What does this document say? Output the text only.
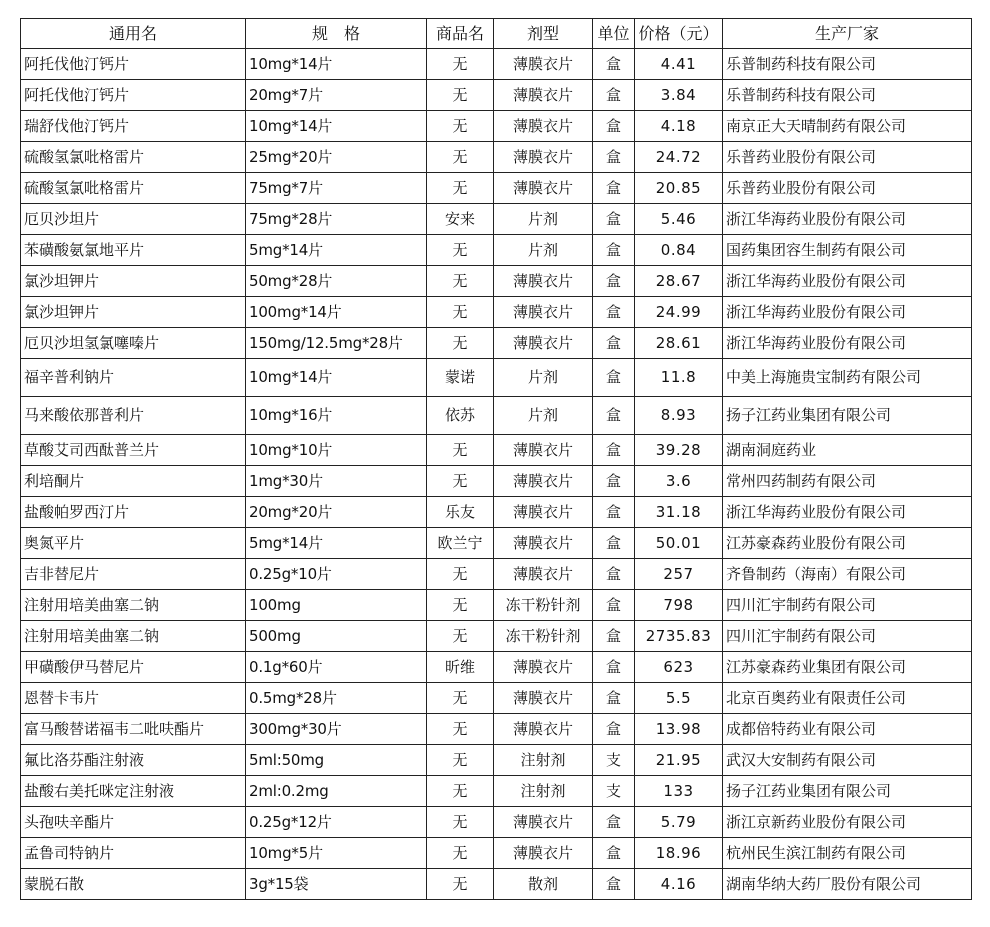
通用名	规　格	商品名	剂型	单位	价格（元）	生产厂家
阿托伐他汀钙片	10mg*14片	无	薄膜衣片	盒	4.41	乐普制药科技有限公司
阿托伐他汀钙片	20mg*7片	无	薄膜衣片	盒	3.84	乐普制药科技有限公司
瑞舒伐他汀钙片	10mg*14片	无	薄膜衣片	盒	4.18	南京正大天晴制药有限公司
硫酸氢氯吡格雷片	25mg*20片	无	薄膜衣片	盒	24.72	乐普药业股份有限公司
硫酸氢氯吡格雷片	75mg*7片	无	薄膜衣片	盒	20.85	乐普药业股份有限公司
厄贝沙坦片	75mg*28片	安来	片剂	盒	5.46	浙江华海药业股份有限公司
苯磺酸氨氯地平片	5mg*14片	无	片剂	盒	0.84	国药集团容生制药有限公司
氯沙坦钾片	50mg*28片	无	薄膜衣片	盒	28.67	浙江华海药业股份有限公司
氯沙坦钾片	100mg*14片	无	薄膜衣片	盒	24.99	浙江华海药业股份有限公司
厄贝沙坦氢氯噻嗪片	150mg/12.5mg*28片	无	薄膜衣片	盒	28.61	浙江华海药业股份有限公司
福辛普利钠片	10mg*14片	蒙诺	片剂	盒	11.8	中美上海施贵宝制药有限公司
马来酸依那普利片	10mg*16片	依苏	片剂	盒	8.93	扬子江药业集团有限公司
草酸艾司西酞普兰片	10mg*10片	无	薄膜衣片	盒	39.28	湖南洞庭药业
利培酮片	1mg*30片	无	薄膜衣片	盒	3.6	常州四药制药有限公司
盐酸帕罗西汀片	20mg*20片	乐友	薄膜衣片	盒	31.18	浙江华海药业股份有限公司
奥氮平片	5mg*14片	欧兰宁	薄膜衣片	盒	50.01	江苏豪森药业股份有限公司
吉非替尼片	0.25g*10片	无	薄膜衣片	盒	257	齐鲁制药（海南）有限公司
注射用培美曲塞二钠	100mg	无	冻干粉针剂	盒	798	四川汇宇制药有限公司
注射用培美曲塞二钠	500mg	无	冻干粉针剂	盒	2735.83	四川汇宇制药有限公司
甲磺酸伊马替尼片	0.1g*60片	昕维	薄膜衣片	盒	623	江苏豪森药业集团有限公司
恩替卡韦片	0.5mg*28片	无	薄膜衣片	盒	5.5	北京百奥药业有限责任公司
富马酸替诺福韦二吡呋酯片	300mg*30片	无	薄膜衣片	盒	13.98	成都倍特药业有限公司
氟比洛芬酯注射液	5ml:50mg	无	注射剂	支	21.95	武汉大安制药有限公司
盐酸右美托咪定注射液	2ml:0.2mg	无	注射剂	支	133	扬子江药业集团有限公司
头孢呋辛酯片	0.25g*12片	无	薄膜衣片	盒	5.79	浙江京新药业股份有限公司
孟鲁司特钠片	10mg*5片	无	薄膜衣片	盒	18.96	杭州民生滨江制药有限公司
蒙脱石散	3g*15袋	无	散剂	盒	4.16	湖南华纳大药厂股份有限公司
